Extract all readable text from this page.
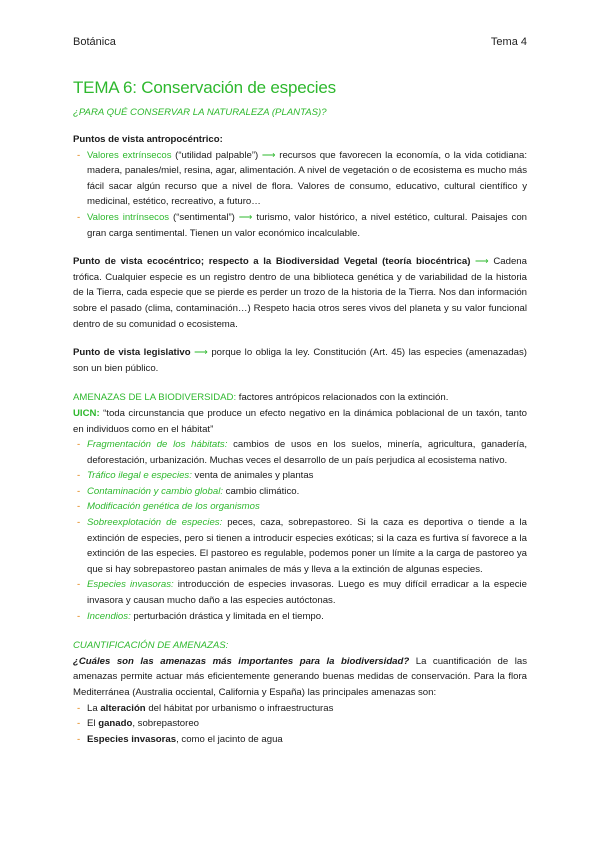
Botánica	Tema 4
TEMA 6: Conservación de especies
¿PARA QUÉ CONSERVAR LA NATURALEZA (PLANTAS)?

Puntos de vista antropocéntrico:

- Valores extrínsecos (“utilidad palpable”) ⟶ recursos que favorecen la economía, o la vida cotidiana: madera, panales/miel, resina, agar, alimentación. A nivel de vegetación o de ecosistema es mucho más fácil sacar algún recurso que a nivel de flora. Valores de consumo, educativo, cultural científico y medicinal, estético, recreativo, a futuro…
- Valores intrínsecos (“sentimental”) ⟶ turismo, valor histórico, a nivel estético, cultural. Paisajes con gran carga sentimental. Tienen un valor económico incalculable.

Punto de vista ecocéntrico; respecto a la Biodiversidad Vegetal (teoría biocéntrica) ⟶ Cadena trófica. Cualquier especie es un registro dentro de una biblioteca genética y de variabilidad de la historia de la Tierra, cada especie que se pierde es perder un trozo de la historia de la Tierra. Nos dan información sobre el pasado (clima, contaminación…) Respeto hacia otros seres vivos del planeta y su valor funcional dentro de su comunidad o ecosistema.

Punto de vista legislativo ⟶ porque lo obliga la ley. Constitución (Art. 45) las especies (amenazadas) son un bien público.

AMENAZAS DE LA BIODIVERSIDAD: factores antrópicos relacionados con la extinción.

UICN: “toda circunstancia que produce un efecto negativo en la dinámica poblacional de un taxón, tanto en individuos como en el hábitat”

- Fragmentación de los hábitats: cambios de usos en los suelos, minería, agricultura, ganadería, deforestación, urbanización. Muchas veces el desarrollo de un país perjudica al ecosistema nativo.
- Tráfico ilegal e especies: venta de animales y plantas
- Contaminación y cambio global: cambio climático.
- Modificación genética de los organismos
- Sobreexplotación de especies: peces, caza, sobrepastoreo. Si la caza es deportiva o tiende a la extinción de especies, pero si tienen a introducir especies exóticas; si la caza es furtiva sí favorece a la extinción de las especies. El pastoreo es regulable, podemos poner un límite a la carga de pastoreo ya que si hay sobrepastoreo pastan animales de más y lleva a la extinción de algunas especies.
- Especies invasoras: introducción de especies invasoras. Luego es muy difícil erradicar a la especie invasora y causan mucho daño a las especies autóctonas.
- Incendios: perturbación drástica y limitada en el tiempo.

CUANTIFICACIÓN DE AMENAZAS:

¿Cuáles son las amenazas más importantes para la biodiversidad? La cuantificación de las amenazas permite actuar más eficientemente generando buenas medidas de conservación. Para la flora Mediterránea (Australia occiental, California y España) las principales amenazas son:

- La alteración del hábitat por urbanismo o infraestructuras
- El ganado, sobrepastoreo
- Especies invasoras, como el jacinto de agua
